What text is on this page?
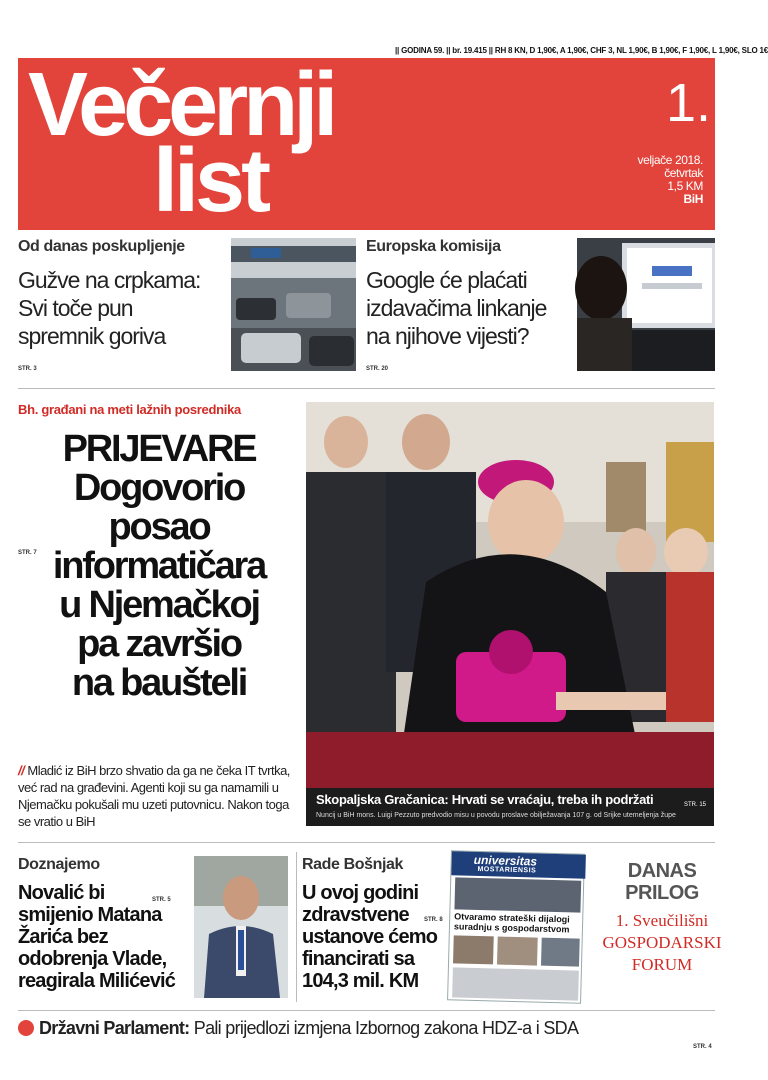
|| GODINA 59. || br. 19.415 || RH 8 KN, D 1,90€, A 1,90€, CHF 3, NL 1,90€, B 1,90€, F 1,90€, L 1,90€, SLO 1€
Večernji
list
1.
veljače 2018.
četvrtak
1,5 KM
BiH
Od danas poskupljenje
Gužve na crpkama:
Svi toče pun
spremnik goriva
STR. 3
Europska komisija
Google će plaćati
izdavačima linkanje
na njihove vijesti?
STR. 20
Bh. građani na meti lažnih posrednika
PRIJEVARE
Dogovorio
posao
informatičara
u Njemačkoj
pa završio
na baušteli
STR. 7
// Mladić iz BiH brzo shvatio da ga ne čeka IT tvrtka, već rad na građevini. Agenti koji su ga namamili u Njemačku pokušali mu uzeti putovnicu. Nakon toga se vratio u BiH
Skopaljska Gračanica: Hrvati se vraćaju, treba ih podržati
Nuncij u BiH mons. Luigi Pezzuto predvodio misu u povodu proslave obilježavanja 107 g. od Srijke utemeljenja župe
STR. 15
Doznajemo
Novalić bi
smijenio Matana
Žarića bez
odobrenja Vlade,
reagirala Milićević
STR. 5
Rade Bošnjak
U ovoj godini
zdravstvene
ustanove ćemo
financirati sa
104,3 mil. KM
STR. 8
universitas
MOSTARIENSIS
Otvaramo strateški dijalogi
suradnju s gospodarstvom
DANAS
PRILOG
1. Sveučilišni
GOSPODARSKI
FORUM
Državni Parlament: Pali prijedlozi izmjena Izbornog zakona HDZ-a i SDA
STR. 4
